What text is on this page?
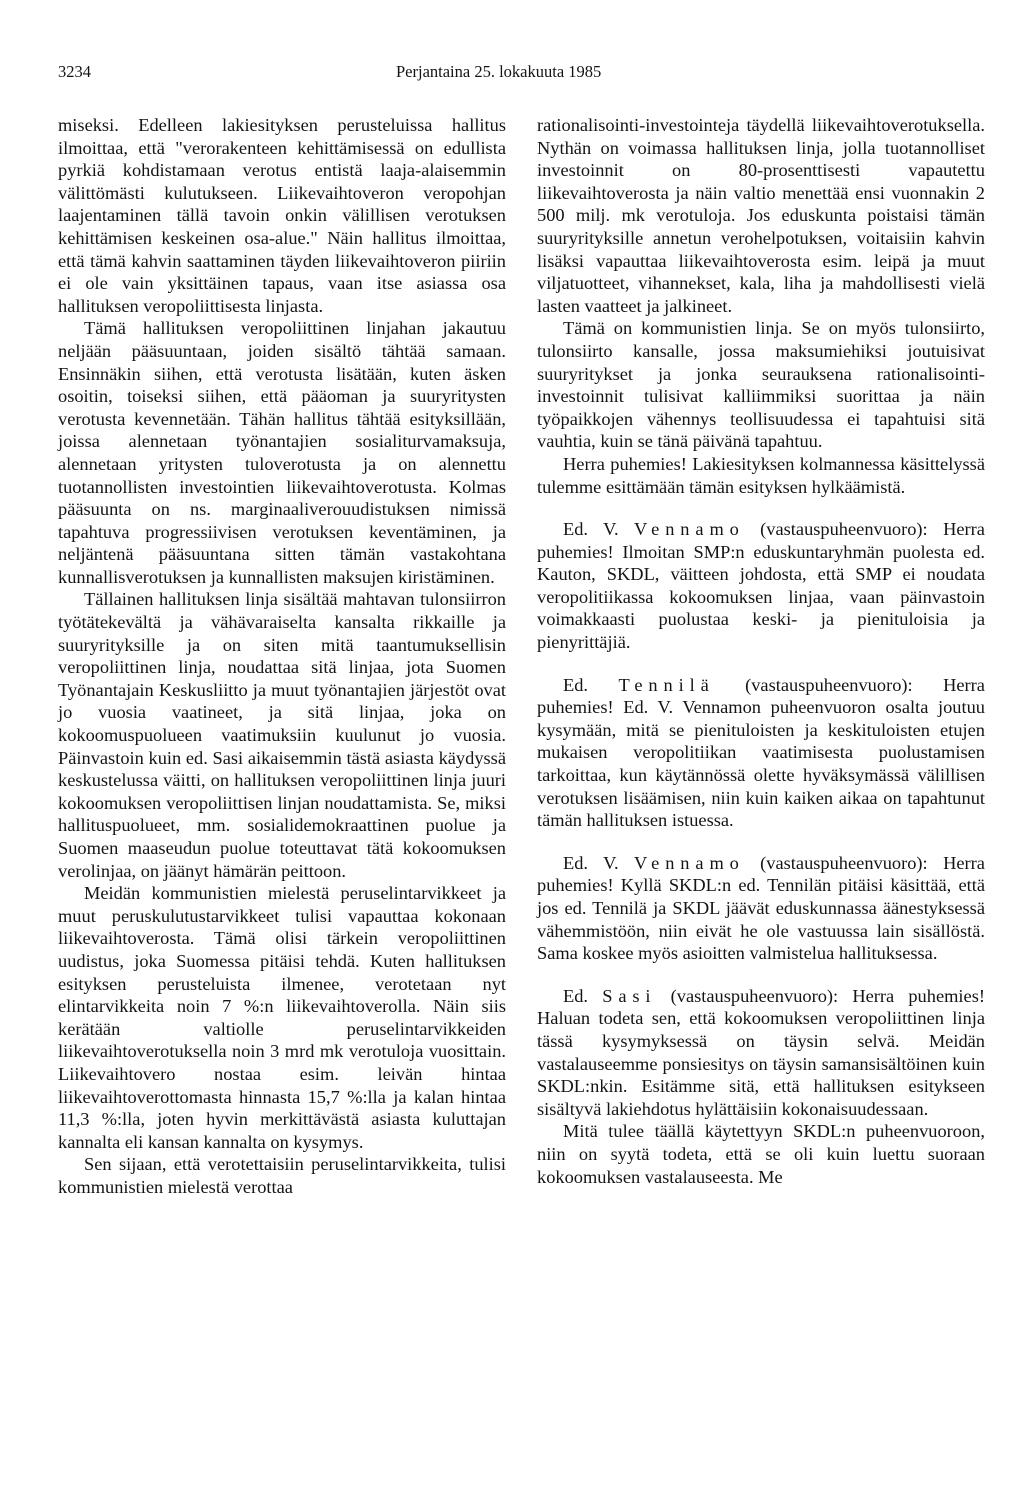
3234	Perjantaina 25. lokakuuta 1985

miseksi. Edelleen lakiesityksen perusteluissa hallitus ilmoittaa, että "verorakenteen kehittämisessä on edullista pyrkiä kohdistamaan verotus entistä laaja-alaisemmin välittömästi kulutukseen. Liikevaihtoveron veropohjan laajentaminen tällä tavoin onkin välillisen verotuksen kehittämisen keskeinen osa-alue." Näin hallitus ilmoittaa, että tämä kahvin saattaminen täyden liikevaihtoveron piiriin ei ole vain yksittäinen tapaus, vaan itse asiassa osa hallituksen veropoliittisesta linjasta.

Tämä hallituksen veropoliittinen linjahan jakautuu neljään pääsuuntaan, joiden sisältö tähtää samaan. Ensinnäkin siihen, että verotusta lisätään, kuten äsken osoitin, toiseksi siihen, että pääoman ja suuryritysten verotusta kevennetään. Tähän hallitus tähtää esityksillään, joissa alennetaan työnantajien sosialiturvamaksuja, alennetaan yritysten tuloverotusta ja on alennettu tuotannollisten investointien liikevaihtoverotusta. Kolmas pääsuunta on ns. marginaaliverouudistuksen nimissä tapahtuva progressiivisen verotuksen keventäminen, ja neljäntenä pääsuuntana sitten tämän vastakohtana kunnallisverotuksen ja kunnallisten maksujen kiristäminen.

Tällainen hallituksen linja sisältää mahtavan tulonsiirron työtätekevältä ja vähävaraiselta kansalta rikkaille ja suuryrityksille ja on siten mitä taantumuksellisin veropoliittinen linja, noudattaa sitä linjaa, jota Suomen Työnantajain Keskusliitto ja muut työnantajien järjestöt ovat jo vuosia vaatineet, ja sitä linjaa, joka on kokoomuspuolueen vaatimuksiin kuulunut jo vuosia. Päinvastoin kuin ed. Sasi aikaisemmin tästä asiasta käydyssä keskustelussa väitti, on hallituksen veropoliittinen linja juuri kokoomuksen veropoliittisen linjan noudattamista. Se, miksi hallituspuolueet, mm. sosialidemokraattinen puolue ja Suomen maaseudun puolue toteuttavat tätä kokoomuksen verolinjaa, on jäänyt hämärän peittoon.

Meidän kommunistien mielestä peruselintarvikkeet ja muut peruskulutustarvikkeet tulisi vapauttaa kokonaan liikevaihtoverosta. Tämä olisi tärkein veropoliittinen uudistus, joka Suomessa pitäisi tehdä. Kuten hallituksen esityksen perusteluista ilmenee, verotetaan nyt elintarvikkeita noin 7 %:n liikevaihtoverolla. Näin siis kerätään valtiolle peruselintarvikkeiden liikevaihtoverotuksella noin 3 mrd mk verotuloja vuosittain. Liikevaihtovero nostaa esim. leivän hintaa liikevaihtoverottomasta hinnasta 15,7 %:lla ja kalan hintaa 11,3 %:lla, joten hyvin merkittävästä asiasta kuluttajan kannalta eli kansan kannalta on kysymys.

Sen sijaan, että verotettaisiin peruselintarvikkeita, tulisi kommunistien mielestä verottaa

rationalisointi-investointeja täydellä liikevaihtoverotuksella. Nythän on voimassa hallituksen linja, jolla tuotannolliset investoinnit on 80-prosenttisesti vapautettu liikevaihtoverosta ja näin valtio menettää ensi vuonnakin 2 500 milj. mk verotuloja. Jos eduskunta poistaisi tämän suuryrityksille annetun verohelpotuksen, voitaisiin kahvin lisäksi vapauttaa liikevaihtoverosta esim. leipä ja muut viljatuotteet, vihannekset, kala, liha ja mahdollisesti vielä lasten vaatteet ja jalkineet.

Tämä on kommunistien linja. Se on myös tulonsiirto, tulonsiirto kansalle, jossa maksumiehiksi joutuisivat suuryritykset ja jonka seurauksena rationalisointi-investoinnit tulisivat kalliimmiksi suorittaa ja näin työpaikkojen vähennys teollisuudessa ei tapahtuisi sitä vauhtia, kuin se tänä päivänä tapahtuu.

Herra puhemies! Lakiesityksen kolmannessa käsittelyssä tulemme esittämään tämän esityksen hylkäämistä.

Ed. V. Vennamo (vastauspuheenvuoro): Herra puhemies! Ilmoitan SMP:n eduskuntaryhmän puolesta ed. Kauton, SKDL, väitteen johdosta, että SMP ei noudata veropolitiikassa kokoomuksen linjaa, vaan päinvastoin voimakkaasti puolustaa keski- ja pienituloisia ja pienyrittäjiä.

Ed. Tennilä (vastauspuheenvuoro): Herra puhemies! Ed. V. Vennamon puheenvuoron osalta joutuu kysymään, mitä se pienituloisten ja keskituloisten etujen mukaisen veropolitiikan vaatimisesta puolustamisen tarkoittaa, kun käytännössä olette hyväksymässä välillisen verotuksen lisäämisen, niin kuin kaiken aikaa on tapahtunut tämän hallituksen istuessa.

Ed. V. Vennamo (vastauspuheenvuoro): Herra puhemies! Kyllä SKDL:n ed. Tennilän pitäisi käsittää, että jos ed. Tennilä ja SKDL jäävät eduskunnassa äänestyksessä vähemmistöön, niin eivät he ole vastuussa lain sisällöstä. Sama koskee myös asioitten valmistelua hallituksessa.

Ed. Sasi (vastauspuheenvuoro): Herra puhemies! Haluan todeta sen, että kokoomuksen veropoliittinen linja tässä kysymyksessä on täysin selvä. Meidän vastalauseemme ponsiesitys on täysin samansisältöinen kuin SKDL:nkin. Esitämme sitä, että hallituksen esitykseen sisältyvä lakiehdotus hylättäisiin kokonaisuudessaan.

Mitä tulee täällä käytettyyn SKDL:n puheenvuoroon, niin on syytä todeta, että se oli kuin luettu suoraan kokoomuksen vastalauseesta. Me
